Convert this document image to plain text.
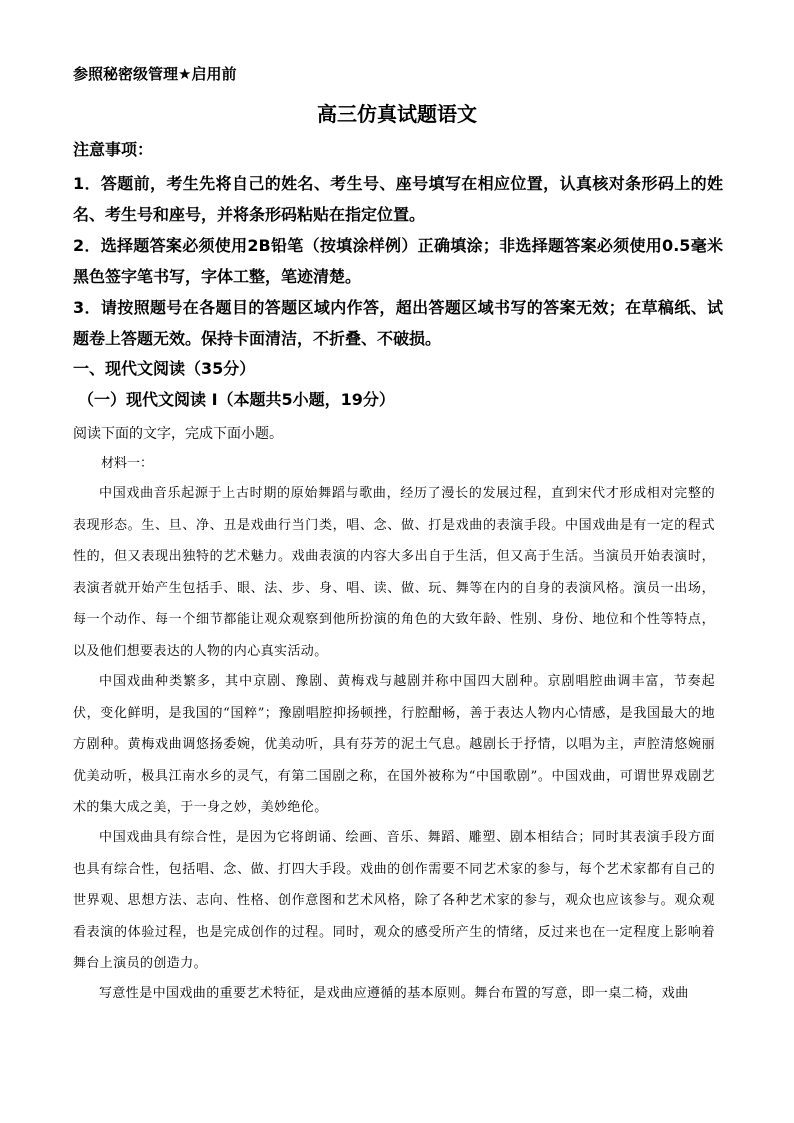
参照秘密级管理★启用前
高三仿真试题语文
注意事项：
1．答题前，考生先将自己的姓名、考生号、座号填写在相应位置，认真核对条形码上的姓名、考生号和座号，并将条形码粘贴在指定位置。
2．选择题答案必须使用2B铅笔（按填涂样例）正确填涂；非选择题答案必须使用0.5毫米黑色签字笔书写，字体工整，笔迹清楚。
3．请按照题号在各题目的答题区域内作答，超出答题区域书写的答案无效；在草稿纸、试题卷上答题无效。保持卡面清洁，不折叠、不破损。
一、现代文阅读（35分）
（一）现代文阅读 I（本题共5小题，19分）
阅读下面的文字，完成下面小题。
材料一：
中国戏曲音乐起源于上古时期的原始舞蹈与歌曲，经历了漫长的发展过程，直到宋代才形成相对完整的表现形态。生、旦、净、丑是戏曲行当门类，唱、念、做、打是戏曲的表演手段。中国戏曲是有一定的程式性的，但又表现出独特的艺术魅力。戏曲表演的内容大多出自于生活，但又高于生活。当演员开始表演时，表演者就开始产生包括手、眼、法、步、身、唱、读、做、玩、舞等在内的自身的表演风格。演员一出场，每一个动作、每一个细节都能让观众观察到他所扮演的角色的大致年龄、性别、身份、地位和个性等特点，以及他们想要表达的人物的内心真实活动。
中国戏曲种类繁多，其中京剧、豫剧、黄梅戏与越剧并称中国四大剧种。京剧唱腔曲调丰富，节奏起伏，变化鲜明，是我国的“国粹”；豫剧唱腔抑扬顿挫，行腔酣畅，善于表达人物内心情感，是我国最大的地方剧种。黄梅戏曲调悠扬委婉，优美动听，具有芬芳的泥土气息。越剧长于抒情，以唱为主，声腔清悠婉丽优美动听，极具江南水乡的灵气，有第二国剧之称，在国外被称为“中国歌剧”。中国戏曲，可谓世界戏剧艺术的集大成之美，于一身之妙，美妙绝伦。
中国戏曲具有综合性，是因为它将朗诵、绘画、音乐、舞蹈、雕塑、剧本相结合；同时其表演手段方面也具有综合性，包括唱、念、做、打四大手段。戏曲的创作需要不同艺术家的参与，每个艺术家都有自己的世界观、思想方法、志向、性格、创作意图和艺术风格，除了各种艺术家的参与，观众也应该参与。观众观看表演的体验过程，也是完成创作的过程。同时，观众的感受所产生的情绪，反过来也在一定程度上影响着舞台上演员的创造力。
写意性是中国戏曲的重要艺术特征，是戏曲应遵循的基本原则。舞台布置的写意，即一桌二椅，戏曲
